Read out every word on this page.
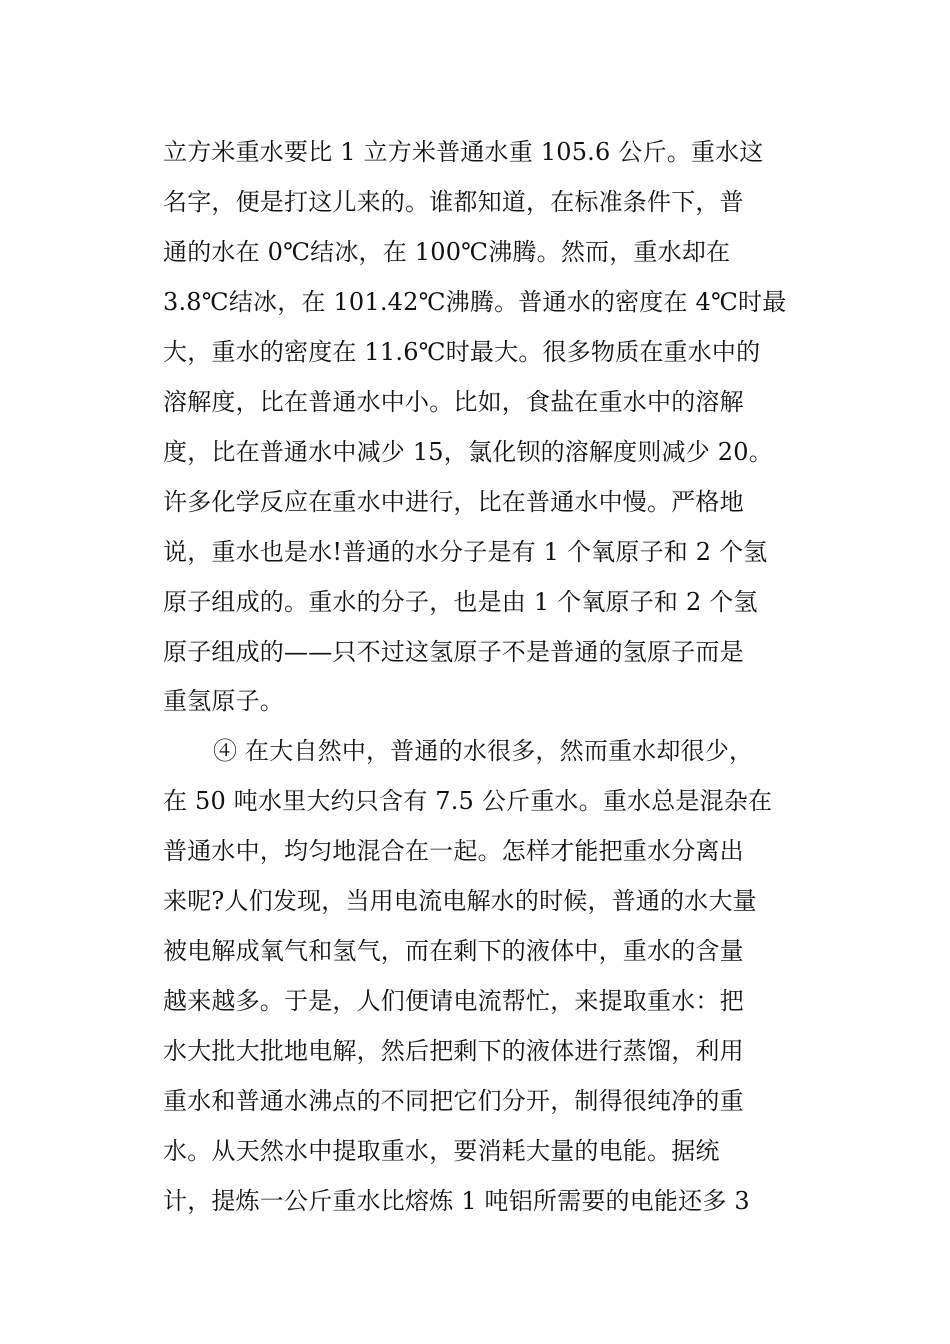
立方米重水要比 1 立方米普通水重 105.6 公斤。重水这
名字，便是打这儿来的。谁都知道，在标准条件下，普
通的水在 0℃结冰，在 100℃沸腾。然而，重水却在
3.8℃结冰，在 101.42℃沸腾。普通水的密度在 4℃时最
大，重水的密度在 11.6℃时最大。很多物质在重水中的
溶解度，比在普通水中小。比如，食盐在重水中的溶解
度，比在普通水中减少 15，氯化钡的溶解度则减少 20。
许多化学反应在重水中进行，比在普通水中慢。严格地
说，重水也是水!普通的水分子是有 1 个氧原子和 2 个氢
原子组成的。重水的分子，也是由 1 个氧原子和 2 个氢
原子组成的——只不过这氢原子不是普通的氢原子而是
重氢原子。
④ 在大自然中，普通的水很多，然而重水却很少，
在 50 吨水里大约只含有 7.5 公斤重水。重水总是混杂在
普通水中，均匀地混合在一起。怎样才能把重水分离出
来呢?人们发现，当用电流电解水的时候，普通的水大量
被电解成氧气和氢气，而在剩下的液体中，重水的含量
越来越多。于是，人们便请电流帮忙，来提取重水：把
水大批大批地电解，然后把剩下的液体进行蒸馏，利用
重水和普通水沸点的不同把它们分开，制得很纯净的重
水。从天然水中提取重水，要消耗大量的电能。据统
计，提炼一公斤重水比熔炼 1 吨铝所需要的电能还多 3
